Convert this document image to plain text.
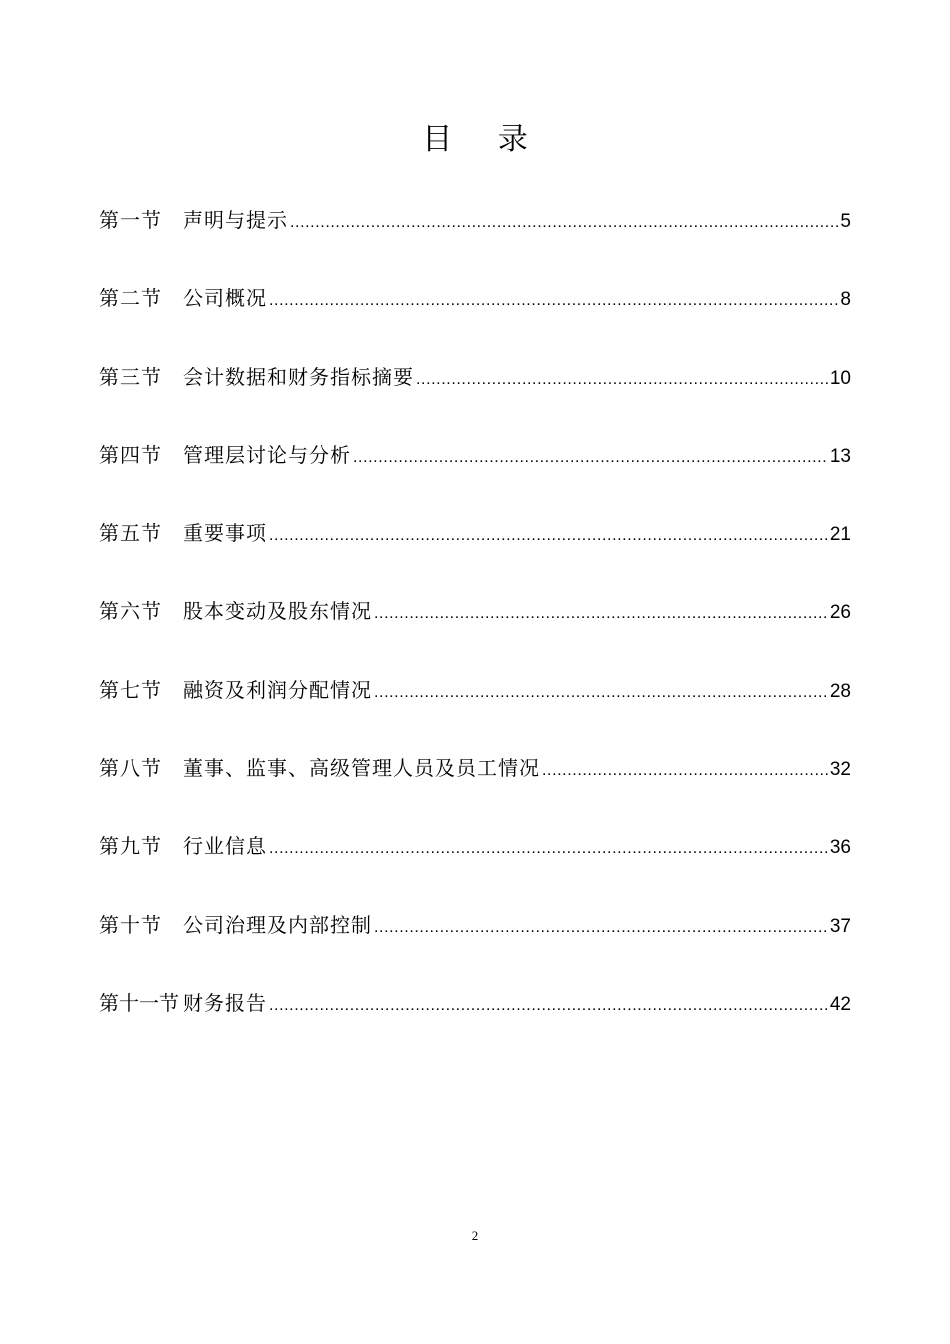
目 录
第一节	声明与提示 .....	5
第二节	公司概况 .....	8
第三节	会计数据和财务指标摘要 .....	10
第四节	管理层讨论与分析 .....	13
第五节	重要事项 .....	21
第六节	股本变动及股东情况 .....	26
第七节	融资及利润分配情况 .....	28
第八节	董事、监事、高级管理人员及员工情况 .....	32
第九节	行业信息 .....	36
第十节	公司治理及内部控制 .....	37
第十一节 财务报告 .....	42
2
